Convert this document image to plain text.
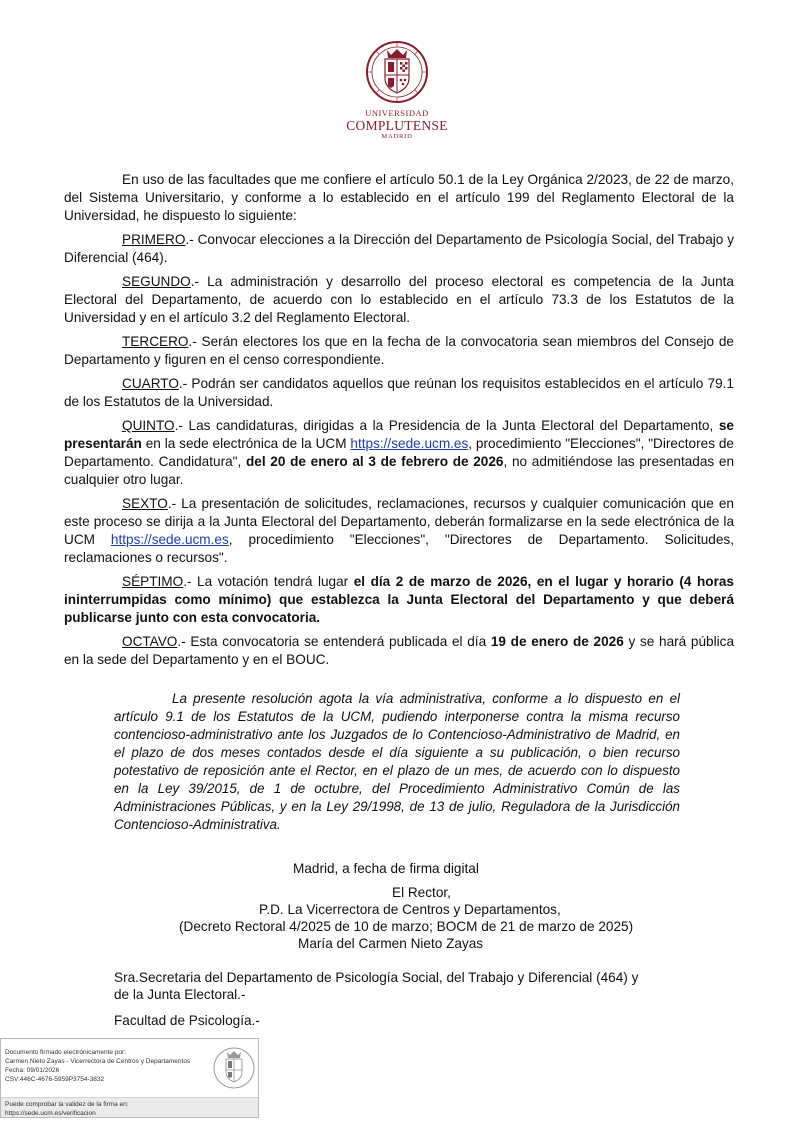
UNIVERSIDAD
COMPLUTENSE
MADRID

En uso de las facultades que me confiere el artículo 50.1 de la Ley Orgánica 2/2023, de 22 de marzo, del Sistema Universitario, y conforme a lo establecido en el artículo 199 del Reglamento Electoral de la Universidad, he dispuesto lo siguiente:

PRIMERO.- Convocar elecciones a la Dirección del Departamento de Psicología Social, del Trabajo y Diferencial (464).

SEGUNDO.- La administración y desarrollo del proceso electoral es competencia de la Junta Electoral del Departamento, de acuerdo con lo establecido en el artículo 73.3 de los Estatutos de la Universidad y en el artículo 3.2 del Reglamento Electoral.

TERCERO.- Serán electores los que en la fecha de la convocatoria sean miembros del Consejo de Departamento y figuren en el censo correspondiente.

CUARTO.- Podrán ser candidatos aquellos que reúnan los requisitos establecidos en el artículo 79.1 de los Estatutos de la Universidad.

QUINTO.- Las candidaturas, dirigidas a la Presidencia de la Junta Electoral del Departamento, se presentarán en la sede electrónica de la UCM https://sede.ucm.es, procedimiento "Elecciones", "Directores de Departamento. Candidatura", del 20 de enero al 3 de febrero de 2026, no admitiéndose las presentadas en cualquier otro lugar.

SEXTO.- La presentación de solicitudes, reclamaciones, recursos y cualquier comunicación que en este proceso se dirija a la Junta Electoral del Departamento, deberán formalizarse en la sede electrónica de la UCM https://sede.ucm.es, procedimiento "Elecciones", "Directores de Departamento. Solicitudes, reclamaciones o recursos".

SÉPTIMO.- La votación tendrá lugar el día 2 de marzo de 2026, en el lugar y horario (4 horas ininterrumpidas como mínimo) que establezca la Junta Electoral del Departamento y que deberá publicarse junto con esta convocatoria.

OCTAVO.- Esta convocatoria se entenderá publicada el día 19 de enero de 2026 y se hará pública en la sede del Departamento y en el BOUC.

La presente resolución agota la vía administrativa, conforme a lo dispuesto en el artículo 9.1 de los Estatutos de la UCM, pudiendo interponerse contra la misma recurso contencioso-administrativo ante los Juzgados de lo Contencioso-Administrativo de Madrid, en el plazo de dos meses contados desde el día siguiente a su publicación, o bien recurso potestativo de reposición ante el Rector, en el plazo de un mes, de acuerdo con lo dispuesto en la Ley 39/2015, de 1 de octubre, del Procedimiento Administrativo Común de las Administraciones Públicas, y en la Ley 29/1998, de 13 de julio, Reguladora de la Jurisdicción Contencioso-Administrativa.

Madrid, a fecha de firma digital
El Rector,
P.D. La Vicerrectora de Centros y Departamentos,
(Decreto Rectoral 4/2025 de 10 de marzo; BOCM de 21 de marzo de 2025)
María del Carmen Nieto Zayas
Sra.Secretaria del Departamento de Psicología Social, del Trabajo y Diferencial (464) y
de la Junta Electoral.-
Facultad de Psicología.-
Documento firmado electrónicamente por:
Carmen Nieto Zayas - Vicerrectora de Centros y Departamentos
Fecha: 09/01/2026
CSV:446C-4676-5959P3754-3832
Puede comprobar la validez de la firma en:
https://sede.ucm.es/verificacion
